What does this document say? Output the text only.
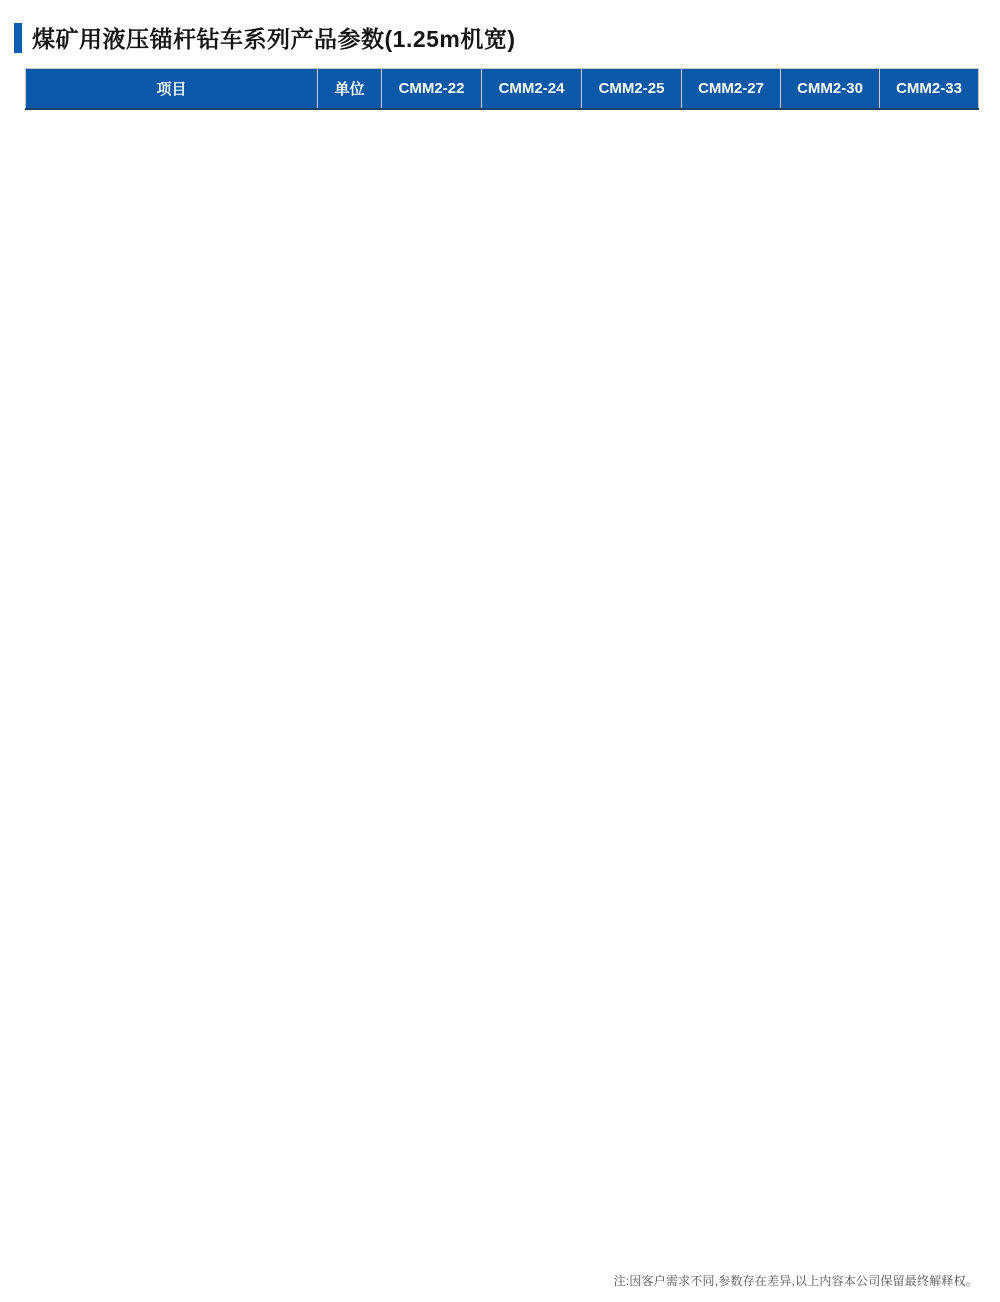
煤矿用液压锚杆钻车系列产品参数(1.25m机宽)
项目	单位	CMM2-22	CMM2-24	CMM2-25	CMM2-27	CMM2-30	CMM2-33
注:因客户需求不同,参数存在差异,以上内容本公司保留最终解释权。
